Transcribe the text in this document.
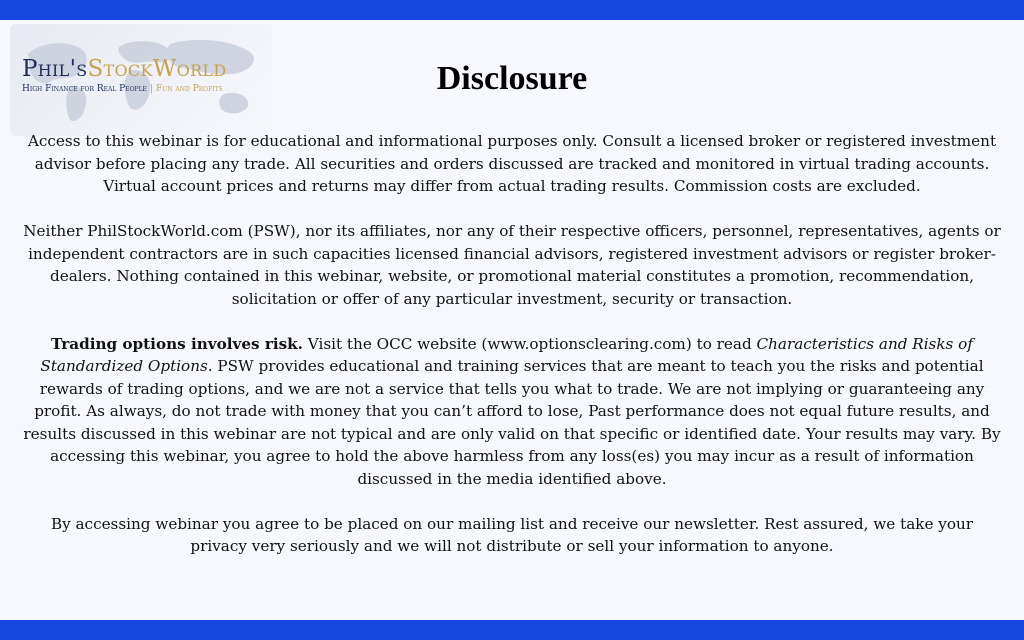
Phil'sStockWorld
High Finance for Real People | Fun and Profits	Disclosure

Access to this webinar is for educational and informational purposes only. Consult a licensed broker or registered investment advisor before placing any trade. All securities and orders discussed are tracked and monitored in virtual trading accounts. Virtual account prices and returns may differ from actual trading results. Commission costs are excluded.

Neither PhilStockWorld.com (PSW), nor its affiliates, nor any of their respective officers, personnel, representatives, agents or independent contractors are in such capacities licensed financial advisors, registered investment advisors or register broker-dealers. Nothing contained in this webinar, website, or promotional material constitutes a promotion, recommendation, solicitation or offer of any particular investment, security or transaction.

Trading options involves risk. Visit the OCC website (www.optionsclearing.com) to read Characteristics and Risks of Standardized Options. PSW provides educational and training services that are meant to teach you the risks and potential rewards of trading options, and we are not a service that tells you what to trade. We are not implying or guaranteeing any profit. As always, do not trade with money that you can’t afford to lose, Past performance does not equal future results, and results discussed in this webinar are not typical and are only valid on that specific or identified date. Your results may vary. By accessing this webinar, you agree to hold the above harmless from any loss(es) you may incur as a result of information discussed in the media identified above.

By accessing webinar you agree to be placed on our mailing list and receive our newsletter. Rest assured, we take your privacy very seriously and we will not distribute or sell your information to anyone.
